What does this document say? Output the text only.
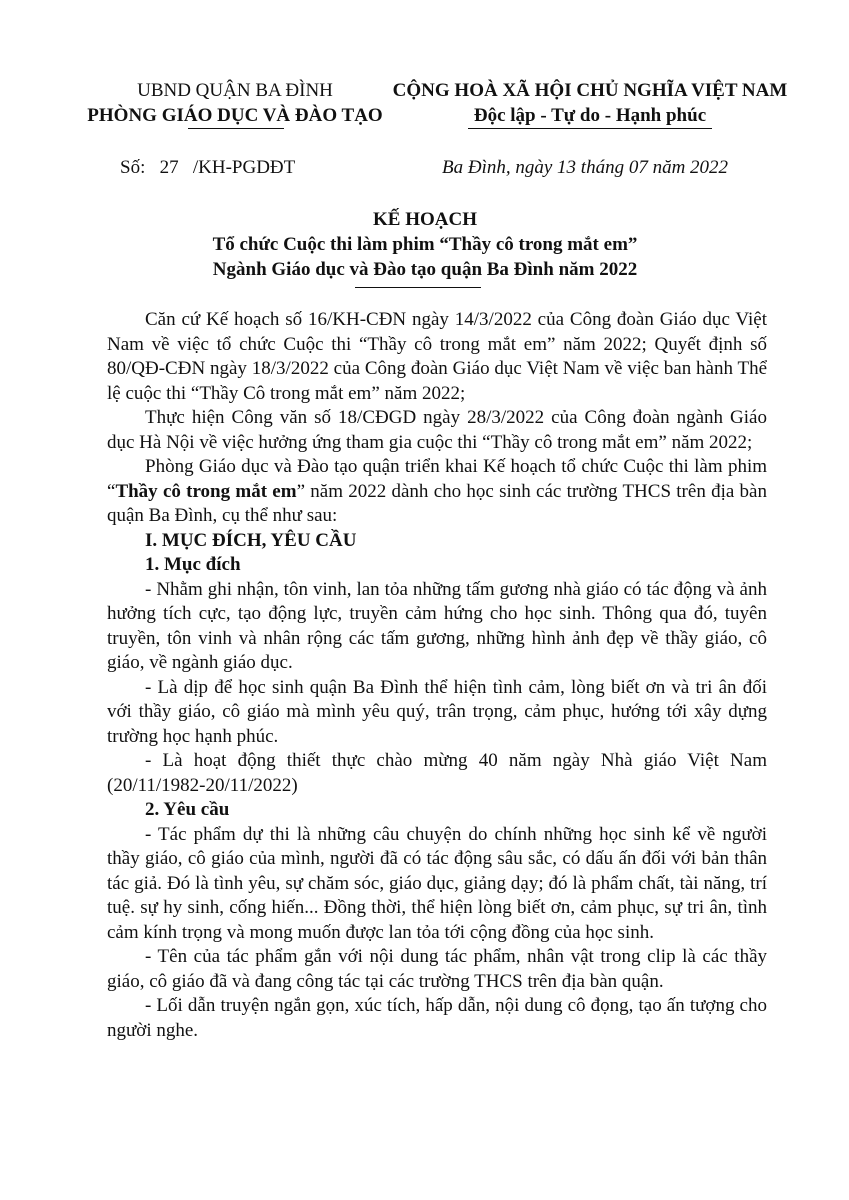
UBND QUẬN BA ĐÌNH
PHÒNG GIÁO DỤC VÀ ĐÀO TẠO
CỘNG HOÀ XÃ HỘI CHỦ NGHĨA VIỆT NAM
Độc lập - Tự do - Hạnh phúc
Số: 27 /KH-PGDĐT	Ba Đình, ngày 13 tháng 07 năm 2022
KẾ HOẠCH
Tổ chức Cuộc thi làm phim “Thầy cô trong mắt em”
Ngành Giáo dục và Đào tạo quận Ba Đình năm 2022

Căn cứ Kế hoạch số 16/KH-CĐN ngày 14/3/2022 của Công đoàn Giáo dục Việt Nam về việc tổ chức Cuộc thi “Thầy cô trong mắt em” năm 2022; Quyết định số 80/QĐ-CĐN ngày 18/3/2022 của Công đoàn Giáo dục Việt Nam về việc ban hành Thể lệ cuộc thi “Thầy Cô trong mắt em” năm 2022;

Thực hiện Công văn số 18/CĐGD ngày 28/3/2022 của Công đoàn ngành Giáo dục Hà Nội về việc hưởng ứng tham gia cuộc thi “Thầy cô trong mắt em” năm 2022;

Phòng Giáo dục và Đào tạo quận triển khai Kế hoạch tổ chức Cuộc thi làm phim “Thầy cô trong mắt em” năm 2022 dành cho học sinh các trường THCS trên địa bàn quận Ba Đình, cụ thể như sau:

I. MỤC ĐÍCH, YÊU CẦU

1. Mục đích

- Nhằm ghi nhận, tôn vinh, lan tỏa những tấm gương nhà giáo có tác động và ảnh hưởng tích cực, tạo động lực, truyền cảm hứng cho học sinh. Thông qua đó, tuyên truyền, tôn vinh và nhân rộng các tấm gương, những hình ảnh đẹp về thầy giáo, cô giáo, về ngành giáo dục.

- Là dịp để học sinh quận Ba Đình thể hiện tình cảm, lòng biết ơn và tri ân đối với thầy giáo, cô giáo mà mình yêu quý, trân trọng, cảm phục, hướng tới xây dựng trường học hạnh phúc.

- Là hoạt động thiết thực chào mừng 40 năm ngày Nhà giáo Việt Nam (20/11/1982-20/11/2022)

2. Yêu cầu

- Tác phẩm dự thi là những câu chuyện do chính những học sinh kể về người thầy giáo, cô giáo của mình, người đã có tác động sâu sắc, có dấu ấn đối với bản thân tác giả. Đó là tình yêu, sự chăm sóc, giáo dục, giảng dạy; đó là phẩm chất, tài năng, trí tuệ. sự hy sinh, cống hiến... Đồng thời, thể hiện lòng biết ơn, cảm phục, sự tri ân, tình cảm kính trọng và mong muốn được lan tỏa tới cộng đồng của học sinh.

- Tên của tác phẩm gắn với nội dung tác phẩm, nhân vật trong clip là các thầy giáo, cô giáo đã và đang công tác tại các trường THCS trên địa bàn quận.

- Lối dẫn truyện ngắn gọn, xúc tích, hấp dẫn, nội dung cô đọng, tạo ấn tượng cho người nghe.
